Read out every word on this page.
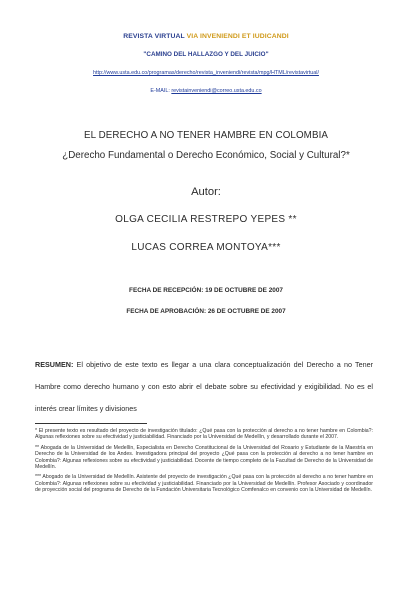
REVISTA VIRTUAL VIA INVENIENDI ET IUDICANDI
"CAMINO DEL HALLAZGO Y DEL JUICIO"
http://www.usta.edu.co/programas/derecho/revista_inveniendi/revista/mpg/HTML/revistavirtual/
E-MAIL: revistainveniendi@correo.usta.edu.co
EL DERECHO A NO TENER HAMBRE EN COLOMBIA
¿Derecho Fundamental o Derecho Económico, Social y Cultural?*
Autor:
OLGA CECILIA RESTREPO YEPES **
LUCAS CORREA MONTOYA***
FECHA DE RECEPCIÓN: 19 DE OCTUBRE DE 2007
FECHA DE APROBACIÓN: 26 DE OCTUBRE DE 2007
RESUMEN: El objetivo de este texto es llegar a una clara conceptualización del Derecho a no Tener Hambre como derecho humano y con esto abrir el debate sobre su efectividad y exigibilidad. No es el interés crear límites y divisiones

* El presente texto es resultado del proyecto de investigación titulado: ¿Qué pasa con la protección al derecho a no tener hambre en Colombia?: Algunas reflexiones sobre su efectividad y justiciabilidad. Financiado por la Universidad de Medellín, y desarrollado durante el 2007.

** Abogada de la Universidad de Medellín, Especialista en Derecho Constitucional de la Universidad del Rosario y Estudiante de la Maestría en Derecho de la Universidad de los Andes. Investigadora principal del proyecto ¿Qué pasa con la protección al derecho a no tener hambre en Colombia?: Algunas reflexiones sobre su efectividad y justiciabilidad. Docente de tiempo completo de la Facultad de Derecho de la Universidad de Medellín.

*** Abogado de la Universidad de Medellín. Asistente del proyecto de investigación ¿Qué pasa con la protección al derecho a no tener hambre en Colombia?: Algunas reflexiones sobre su efectividad y justiciabilidad. Financiado por la Universidad de Medellín. Profesor Asociado y coordinador de proyección social del programa de Derecho de la Fundación Universitaria Tecnológico Comfenalco en convenio con la Universidad de Medellín.
